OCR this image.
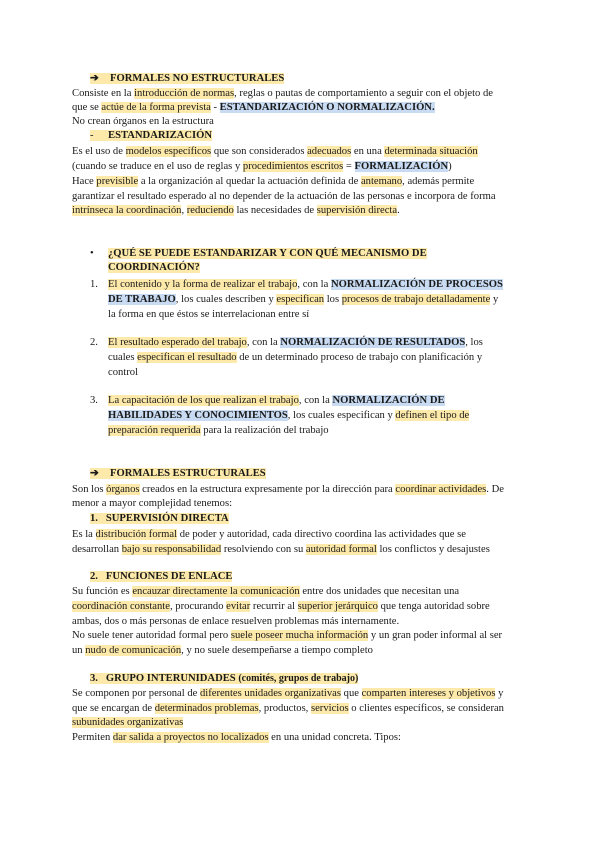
➔ FORMALES NO ESTRUCTURALES
Consiste en la introducción de normas, reglas o pautas de comportamiento a seguir con el objeto de
que se actúe de la forma prevista - ESTANDARIZACIÓN O NORMALIZACIÓN.
No crean órganos en la estructura
- ESTANDARIZACIÓN
Es el uso de modelos específicos que son considerados adecuados en una determinada situación
(cuando se traduce en el uso de reglas y procedimientos escritos = FORMALIZACIÓN)
Hace previsible a la organización al quedar la actuación definida de antemano, además permite
garantizar el resultado esperado al no depender de la actuación de las personas e incorpora de forma
intrínseca la coordinación, reduciendo las necesidades de supervisión directa.
• ¿QUÉ SE PUEDE ESTANDARIZAR Y CON QUÉ MECANISMO DE
COORDINACIÓN?
1. El contenido y la forma de realizar el trabajo, con la NORMALIZACIÓN DE PROCESOS
DE TRABAJO, los cuales describen y especifican los procesos de trabajo detalladamente y
la forma en que éstos se interrelacionan entre sí
2. El resultado esperado del trabajo, con la NORMALIZACIÓN DE RESULTADOS, los
cuales especifican el resultado de un determinado proceso de trabajo con planificación y
control
3. La capacitación de los que realizan el trabajo, con la NORMALIZACIÓN DE
HABILIDADES Y CONOCIMIENTOS, los cuales especifican y definen el tipo de
preparación requerida para la realización del trabajo
➔ FORMALES ESTRUCTURALES
Son los órganos creados en la estructura expresamente por la dirección para coordinar actividades. De
menor a mayor complejidad tenemos:
1.   SUPERVISIÓN DIRECTA
Es la distribución formal de poder y autoridad, cada directivo coordina las actividades que se
desarrollan bajo su responsabilidad resolviendo con su autoridad formal los conflictos y desajustes
2.   FUNCIONES DE ENLACE
Su función es encauzar directamente la comunicación entre dos unidades que necesitan una
coordinación constante, procurando evitar recurrir al superior jerárquico que tenga autoridad sobre
ambas, dos o más personas de enlace resuelven problemas más internamente.
No suele tener autoridad formal pero suele poseer mucha información y un gran poder informal al ser
un nudo de comunicación, y no suele desempeñarse a tiempo completo
3.   GRUPO INTERUNIDADES (comités, grupos de trabajo)
Se componen por personal de diferentes unidades organizativas que comparten intereses y objetivos y
que se encargan de determinados problemas, productos, servicios o clientes específicos, se consideran
subunidades organizativas
Permiten dar salida a proyectos no localizados en una unidad concreta. Tipos:
